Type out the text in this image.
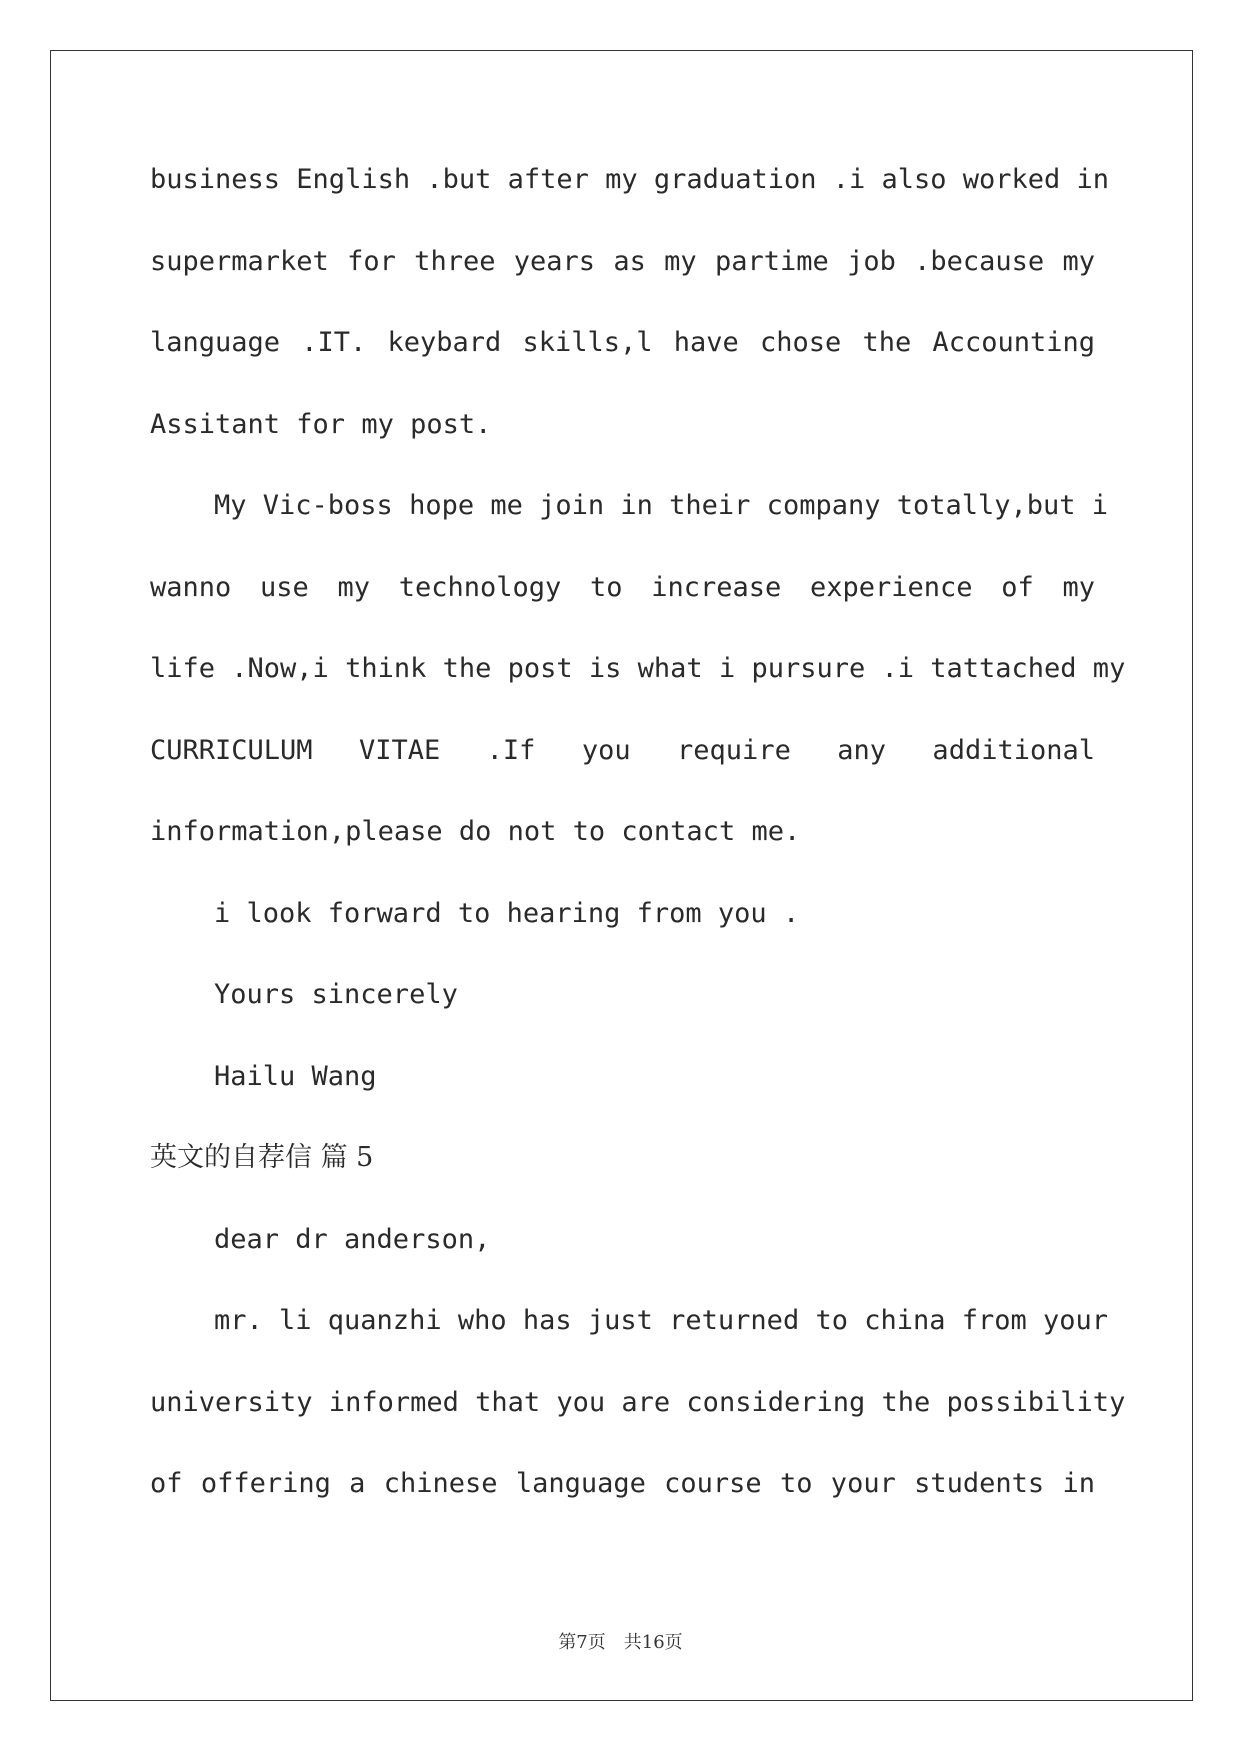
business English .but after my graduation .i also worked in
supermarket for three years as my partime job .because my
language .IT. keybard skills,l have chose the Accounting
Assitant for my post.
My Vic-boss hope me join in their company totally,but i
wanno use my technology to increase experience of my
life .Now,i think the post is what i pursure .i tattached my
CURRICULUM VITAE .If you require any additional
information,please do not to contact me.
i look forward to hearing from you .
Yours sincerely
Hailu Wang
英文的自荐信 篇 5
dear dr anderson,
mr. li quanzhi who has just returned to china from your
university informed that you are considering the possibility
of offering a chinese language course to your students in
第7页　共16页
